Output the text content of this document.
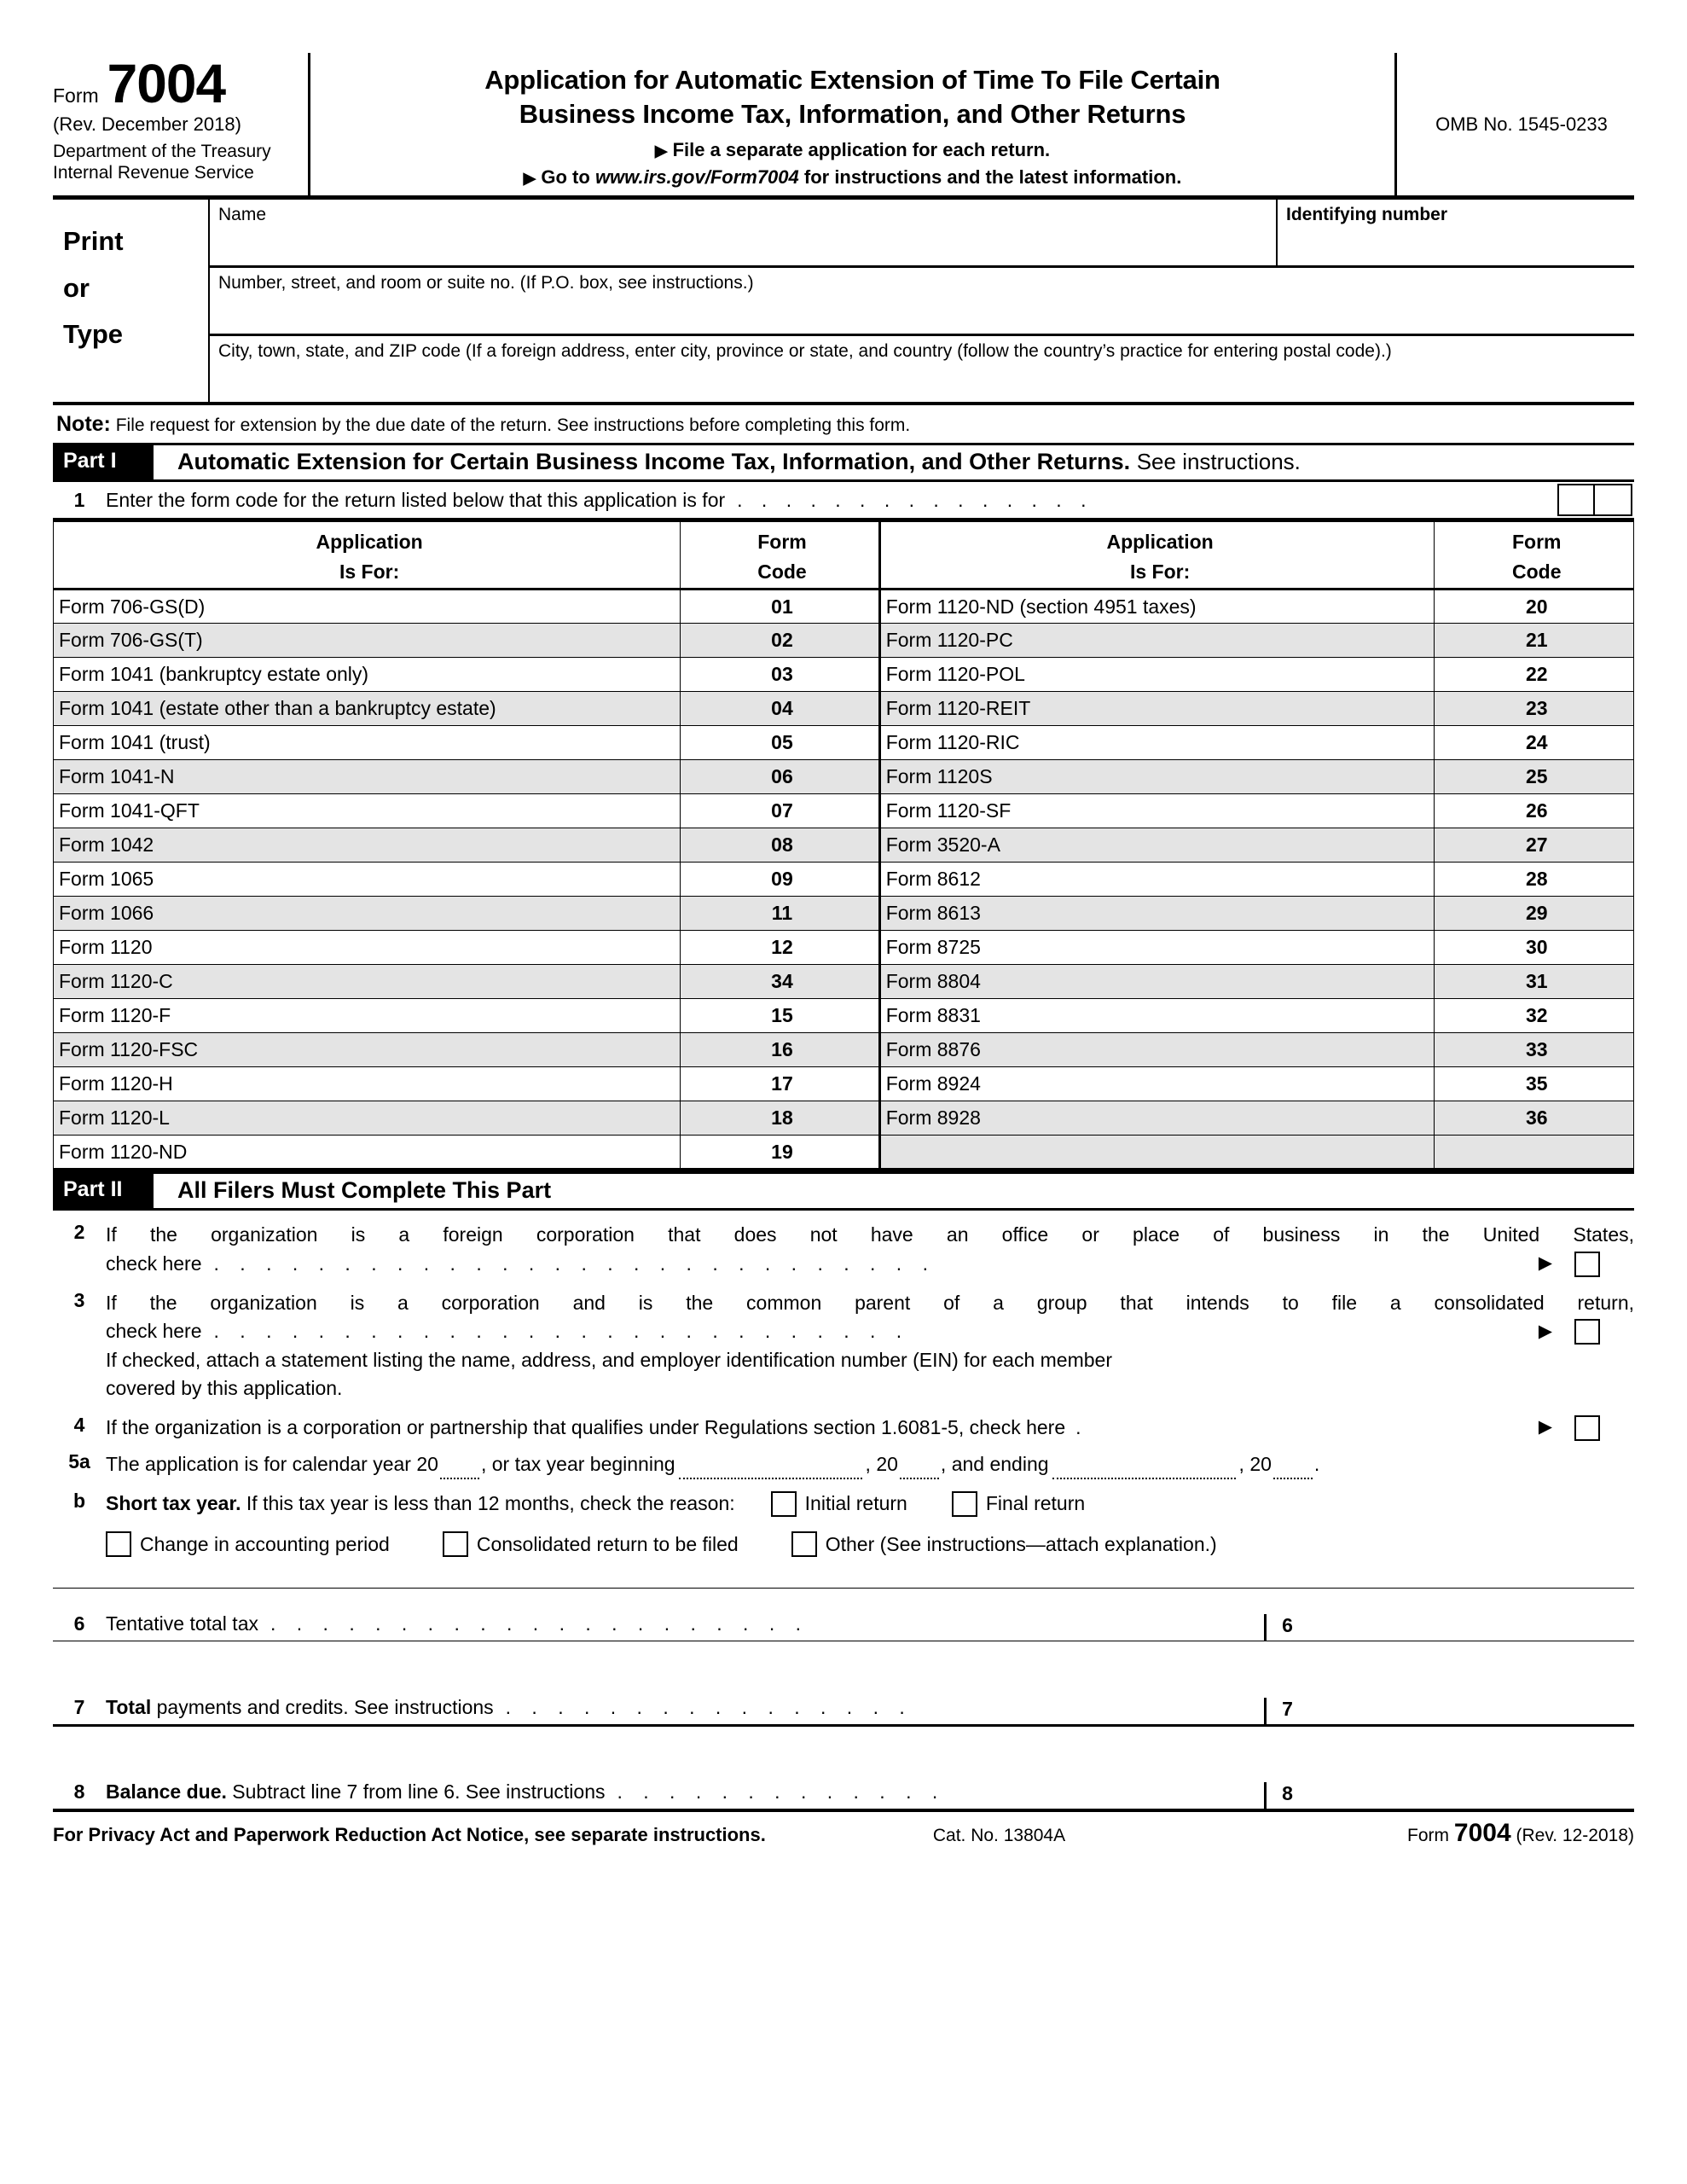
Form 7004
(Rev. December 2018)
Department of the Treasury
Internal Revenue Service
Application for Automatic Extension of Time To File Certain
Business Income Tax, Information, and Other Returns
▶ File a separate application for each return.
▶ Go to www.irs.gov/Form7004 for instructions and the latest information.
OMB No. 1545-0233
Print
or
Type
Name	Identifying number
Number, street, and room or suite no. (If P.O. box, see instructions.)
City, town, state, and ZIP code (If a foreign address, enter city, province or state, and country (follow the country’s practice for entering postal code).)
Note: File request for extension by the due date of the return. See instructions before completing this form.
Part I	Automatic Extension for Certain Business Income Tax, Information, and Other Returns. See instructions.
1	Enter the form code for the return listed below that this application is for . . . . . . . . . . . . . . .
Application
Is For:

Form
Code

Application
Is For:

Form
Code

Form 706-GS(D)	01	Form 1120-ND (section 4951 taxes)	20
Form 706-GS(T)	02	Form 1120-PC	21
Form 1041 (bankruptcy estate only)	03	Form 1120-POL	22
Form 1041 (estate other than a bankruptcy estate)	04	Form 1120-REIT	23
Form 1041 (trust)	05	Form 1120-RIC	24
Form 1041-N	06	Form 1120S	25
Form 1041-QFT	07	Form 1120-SF	26
Form 1042	08	Form 3520-A	27
Form 1065	09	Form 8612	28
Form 1066	11	Form 8613	29
Form 1120	12	Form 8725	30
Form 1120-C	34	Form 8804	31
Form 1120-F	15	Form 8831	32
Form 1120-FSC	16	Form 8876	33
Form 1120-H	17	Form 8924	35
Form 1120-L	18	Form 8928	36
Form 1120-ND	19		
Part II	All Filers Must Complete This Part
2	If the organization is a foreign corporation that does not have an office or place of business in the United States,
check here . . . . . . . . . . . . . . . . . . . . . . . . . . . .	▶
3	If the organization is a corporation and is the common parent of a group that intends to file a consolidated return,
check here . . . . . . . . . . . . . . . . . . . . . . . . . . .	▶
If checked, attach a statement listing the name, address, and employer identification number (EIN) for each member
covered by this application.
4	If the organization is a corporation or partnership that qualifies under Regulations section 1.6081-5, check here .	▶
5a The application is for calendar year 20 , or tax year beginning	, 20 , and ending	, 20 .
b	Short tax year.
If this tax year is less than 12 months, check the reason:	Initial return	Final return
Change in accounting period	Consolidated return to be filed	Other (See instructions—attach explanation.)
6	Tentative total tax . . . . . . . . . . . . . . . . . . . . .	6
7	Total payments and credits. See instructions . . . . . . . . . . . . . . . .	7
8	Balance due. Subtract line 7 from line 6. See instructions . . . . . . . . . . . . .	8
For Privacy Act and Paperwork Reduction Act Notice, see separate instructions.	Cat. No. 13804A	Form 7004 (Rev. 12-2018)
